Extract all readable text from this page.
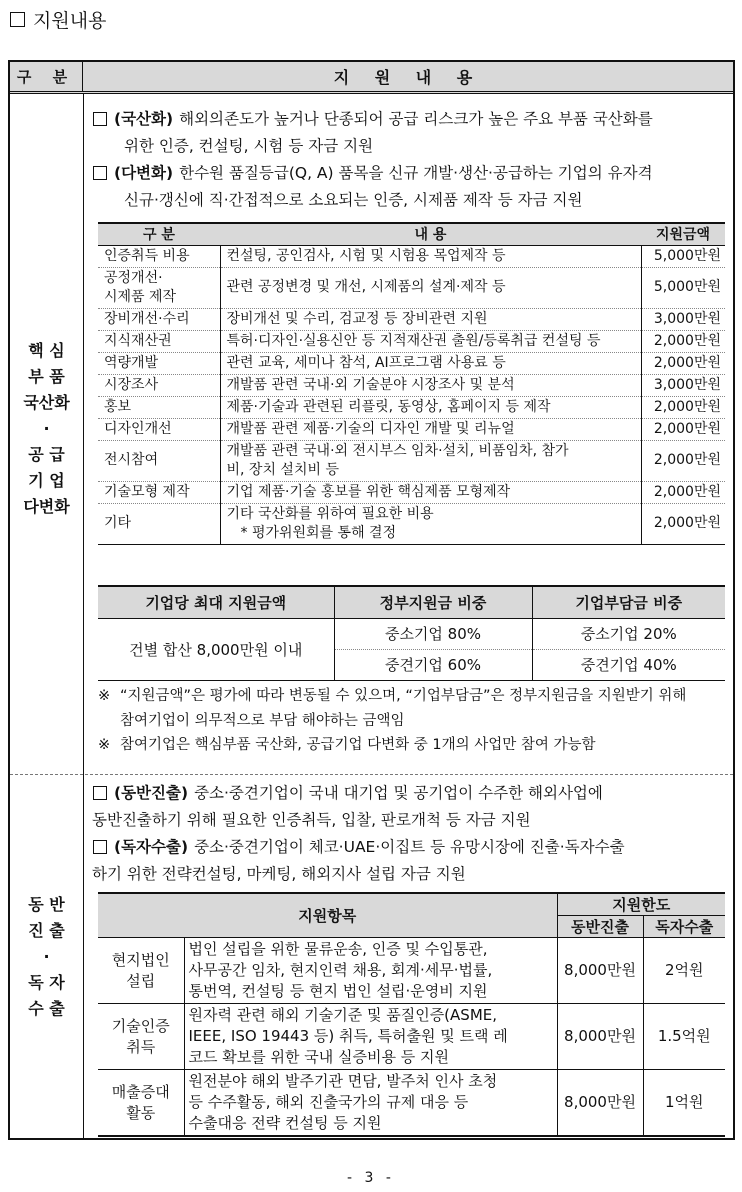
지원내용
구 분	지 원 내 용
핵 심
부 품
국산화
·
공 급
기 업
다변화
(국산화) 해외의존도가 높거나 단종되어 공급 리스크가 높은 주요 부품 국산화를
위한 인증, 컨설팅, 시험 등 자금 지원
(다변화) 한수원 품질등급(Q, A) 품목을 신규 개발·생산·공급하는 기업의 유자격
신규·갱신에 직·간접적으로 소요되는 인증, 시제품 제작 등 자금 지원
구 분	내 용	지원금액
인증취득 비용	컨설팅, 공인검사, 시험 및 시험용 목업제작 등	5,000만원
공정개선·
시제품 제작	관련 공정변경 및 개선, 시제품의 설계·제작 등	5,000만원
장비개선·수리	장비개선 및 수리, 검교정 등 장비관련 지원	3,000만원
지식재산권	특허·디자인·실용신안 등 지적재산권 출원/등록취급 컨설팅 등	2,000만원
역량개발	관련 교육, 세미나 참석, AI프로그램 사용료 등	2,000만원
시장조사	개발품 관련 국내·외 기술분야 시장조사 및 분석	3,000만원
홍보	제품·기술과 관련된 리플릿, 동영상, 홈페이지 등 제작	2,000만원
디자인개선	개발품 관련 제품·기술의 디자인 개발 및 리뉴얼	2,000만원
전시참여	개발품 관련 국내·외 전시부스 임차·설치, 비품임차, 참가
비, 장치 설치비 등	2,000만원
기술모형 제작	기업 제품·기술 홍보를 위한 핵심제품 모형제작	2,000만원
기타	기타 국산화를 위하여 필요한 비용
* 평가위원회를 통해 결정	2,000만원
기업당 최대 지원금액	정부지원금 비중	기업부담금 비중
건별 합산 8,000만원 이내	중소기업 80%	중소기업 20%
	중견기업 60%	중견기업 40%
※ “지원금액”은 평가에 따라 변동될 수 있으며, “기업부담금”은 정부지원금을 지원받기 위해
참여기업이 의무적으로 부담 해야하는 금액임
※ 참여기업은 핵심부품 국산화, 공급기업 다변화 중 1개의 사업만 참여 가능함
동 반
진 출
·
독 자
수 출
(동반진출) 중소·중견기업이 국내 대기업 및 공기업이 수주한 해외사업에
동반진출하기 위해 필요한 인증취득, 입찰, 판로개척 등 자금 지원
(독자수출) 중소·중견기업이 체코·UAE·이집트 등 유망시장에 진출·독자수출
하기 위한 전략컨설팅, 마케팅, 해외지사 설립 자금 지원
지원항목		지원한도	
		동반진출	독자수출
현지법인
설립	법인 설립을 위한 물류운송, 인증 및 수입통관,
사무공간 임차, 현지인력 채용, 회계·세무·법률,
통번역, 컨설팅 등 현지 법인 설립·운영비 지원	8,000만원	2억원
기술인증
취득	원자력 관련 해외 기술기준 및 품질인증(ASME,
IEEE, ISO 19443 등) 취득, 특허출원 및 트랙 레
코드 확보를 위한 국내 실증비용 등 지원	8,000만원	1.5억원
매출증대
활동	원전분야 해외 발주기관 면담, 발주처 인사 초청
등 수주활동, 해외 진출국가의 규제 대응 등
수출대응 전략 컨설팅 등 지원	8,000만원	1억원
- 3 -
